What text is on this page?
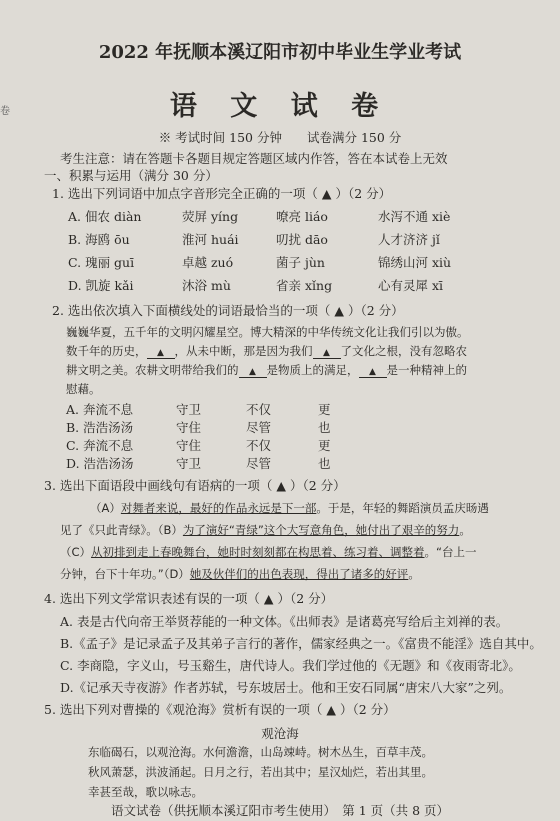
卷
2022 年抚顺本溪辽阳市初中毕业生学业考试
语 文 试 卷
※ 考试时间 150 分钟　　试卷满分 150 分
考生注意：请在答题卡各题目规定答题区域内作答，答在本试卷上无效
一、积累与运用（满分 30 分）
1. 选出下列词语中加点字音形完全正确的一项（ ▲ ）（2 分）
A. 佃农 diàn	荧屏 yíng	嘹亮 liáo	水泻不通 xiè
B. 海鸥 ōu	淮河 huái	叨扰 dāo	人才济济 jǐ
C. 瑰丽 guī	卓越 zuó	菌子 jùn	锦绣山河 xiù
D. 凯旋 kǎi	沐浴 mù	省亲 xǐng	心有灵犀 xī
2. 选出依次填入下面横线处的词语最恰当的一项（ ▲ ）（2 分）
巍巍华夏，五千年的文明闪耀星空。博大精深的中华传统文化让我们引以为傲。
数千年的历史， ▲ ，从未中断，那是因为我们 ▲ 了文化之根，没有忽略农
耕文明之美。农耕文明带给我们的 ▲ 是物质上的满足， ▲ 是一种精神上的
慰藉。
A. 奔流不息	守卫	不仅	更
B. 浩浩汤汤	守住	尽管	也
C. 奔流不息	守住	不仅	更
D. 浩浩汤汤	守卫	尽管	也
3. 选出下面语段中画线句有语病的一项（ ▲ ）（2 分）
（A）对舞者来说，最好的作品永远是下一部。于是，年轻的舞蹈演员孟庆旸遇
见了《只此青绿》。（B）为了演好“青绿”这个大写意角色，她付出了艰辛的努力。
（C）从初排到走上春晚舞台，她时时刻刻都在构思着、练习着、调整着。“台上一
分钟，台下十年功。”（D）她及伙伴们的出色表现，得出了诸多的好评。
4. 选出下列文学常识表述有误的一项（ ▲ ）（2 分）
A. 表是古代向帝王举贤荐能的一种文体。《出师表》是诸葛亮写给后主刘禅的表。
B.《孟子》是记录孟子及其弟子言行的著作，儒家经典之一。《富贵不能淫》选自其中。
C. 李商隐，字义山，号玉谿生，唐代诗人。我们学过他的《无题》和《夜雨寄北》。
D.《记承天寺夜游》作者苏轼，号东坡居士。他和王安石同属“唐宋八大家”之列。
5. 选出下列对曹操的《观沧海》赏析有误的一项（ ▲ ）（2 分）
观沧海
东临碣石，以观沧海。水何澹澹，山岛竦峙。树木丛生，百草丰茂。
秋风萧瑟，洪波涌起。日月之行，若出其中；星汉灿烂，若出其里。
幸甚至哉，歌以咏志。
语文试卷（供抚顺本溪辽阳市考生使用）　第 1 页（共 8 页）
